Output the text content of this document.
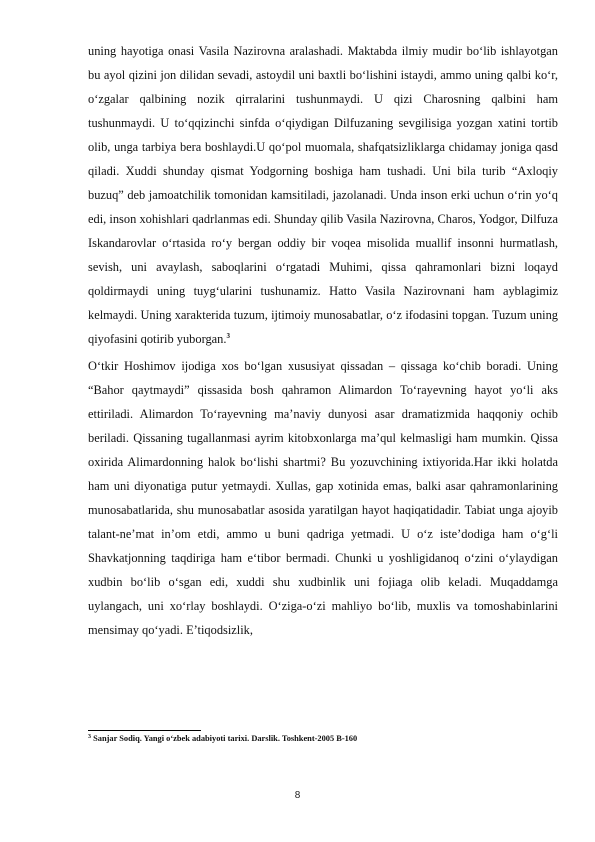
uning hayotiga onasi Vasila Nazirovna aralashadi. Maktabda ilmiy mudir bo‘lib ishlayotgan bu ayol qizini jon dilidan sevadi, astoydil uni baxtli bo‘lishini istaydi, ammo uning qalbi ko‘r, o‘zgalar qalbining nozik qirralarini tushunmaydi. U qizi Charosning qalbini ham tushunmaydi. U to‘qqizinchi sinfda o‘qiydigan Dilfuzaning sevgilisiga yozgan xatini tortib olib, unga tarbiya bera boshlaydi.U qo‘pol muomala, shafqatsizliklarga chidamay joniga qasd qiladi. Xuddi shunday qismat Yodgorning boshiga ham tushadi. Uni bila turib “Axloqiy buzuq” deb jamoatchilik tomonidan kamsitiladi, jazolanadi. Unda inson erki uchun o‘rin yo‘q edi, inson xohishlari qadrlanmas edi. Shunday qilib Vasila Nazirovna, Charos, Yodgor, Dilfuza Iskandarovlar o‘rtasida ro‘y bergan oddiy bir voqea misolida muallif insonni hurmatlash, sevish, uni avaylash, saboqlarini o‘rgatadi Muhimi, qissa qahramonlari bizni loqayd qoldirmaydi uning tuyg‘ularini tushunamiz. Hatto Vasila Nazirovnani ham ayblagimiz kelmaydi. Uning xarakterida tuzum, ijtimoiy munosabatlar, o‘z ifodasini topgan. Tuzum uning qiyofasini qotirib yuborgan.$^3$

O‘tkir Hoshimov ijodiga xos bo‘lgan xususiyat qissadan – qissaga ko‘chib boradi. Uning “Bahor qaytmaydi” qissasida bosh qahramon Alimardon To‘rayevning hayot yo‘li aks ettiriladi. Alimardon To‘rayevning ma’naviy dunyosi asar dramatizmida haqqoniy ochib beriladi. Qissaning tugallanmasi ayrim kitobxonlarga ma’qul kelmasligi ham mumkin. Qissa oxirida Alimardonning halok bo‘lishi shartmi? Bu yozuvchining ixtiyorida.Har ikki holatda ham uni diyonatiga putur yetmaydi. Xullas, gap xotinida emas, balki asar qahramonlarining munosabatlarida, shu munosabatlar asosida yaratilgan hayot haqiqatidadir. Tabiat unga ajoyib talant-ne’mat in’om etdi, ammo u buni qadriga yetmadi. U o‘z iste’dodiga ham o‘g‘li Shavkatjonning taqdiriga ham e‘tibor bermadi. Chunki u yoshligidanoq o‘zini o‘ylaydigan xudbin bo‘lib o‘sgan edi, xuddi shu xudbinlik uni fojiaga olib keladi. Muqaddamga uylangach, uni xo‘rlay boshlaydi. O‘ziga-o‘zi mahliyo bo‘lib, muxlis va tomoshabinlarini mensimay qo‘yadi. E’tiqodsizlik,

$^3$ Sanjar Sodiq. Yangi o‘zbek adabiyoti tarixi. Darslik. Toshkent-2005 B-160
8
